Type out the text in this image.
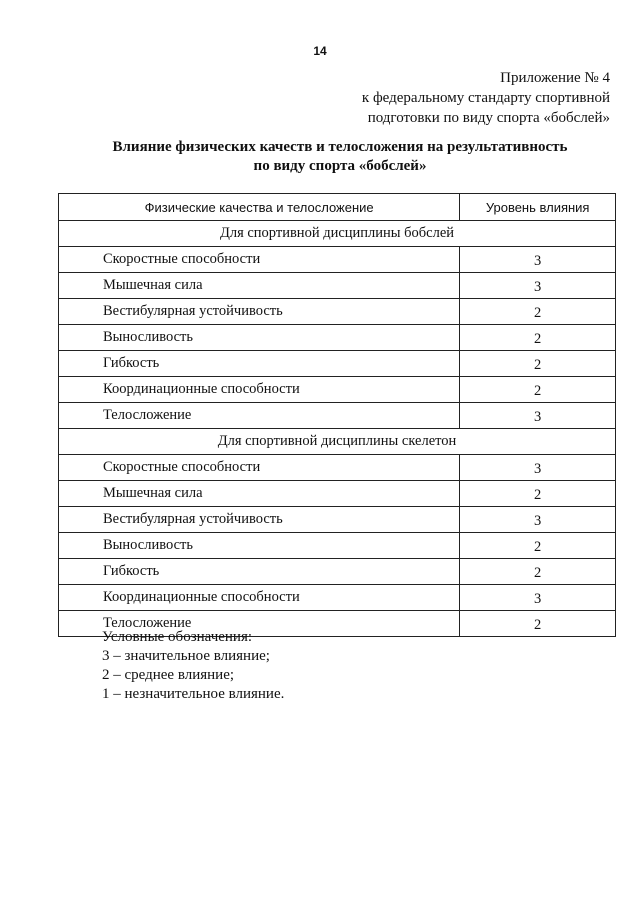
14
Приложение № 4
к федеральному стандарту спортивной
подготовки по виду спорта «бобслей»
Влияние физических качеств и телосложения на результативность
по виду спорта «бобслей»
Физические качества и телосложение	Уровень влияния
Для спортивной дисциплины бобслей	
Скоростные способности	3
Мышечная сила	3
Вестибулярная устойчивость	2
Выносливость	2
Гибкость	2
Координационные способности	2
Телосложение	3
Для спортивной дисциплины скелетон	
Скоростные способности	3
Мышечная сила	2
Вестибулярная устойчивость	3
Выносливость	2
Гибкость	2
Координационные способности	3
Телосложение	2
Условные обозначения:
3 – значительное влияние;
2 – среднее влияние;
1 – незначительное влияние.
